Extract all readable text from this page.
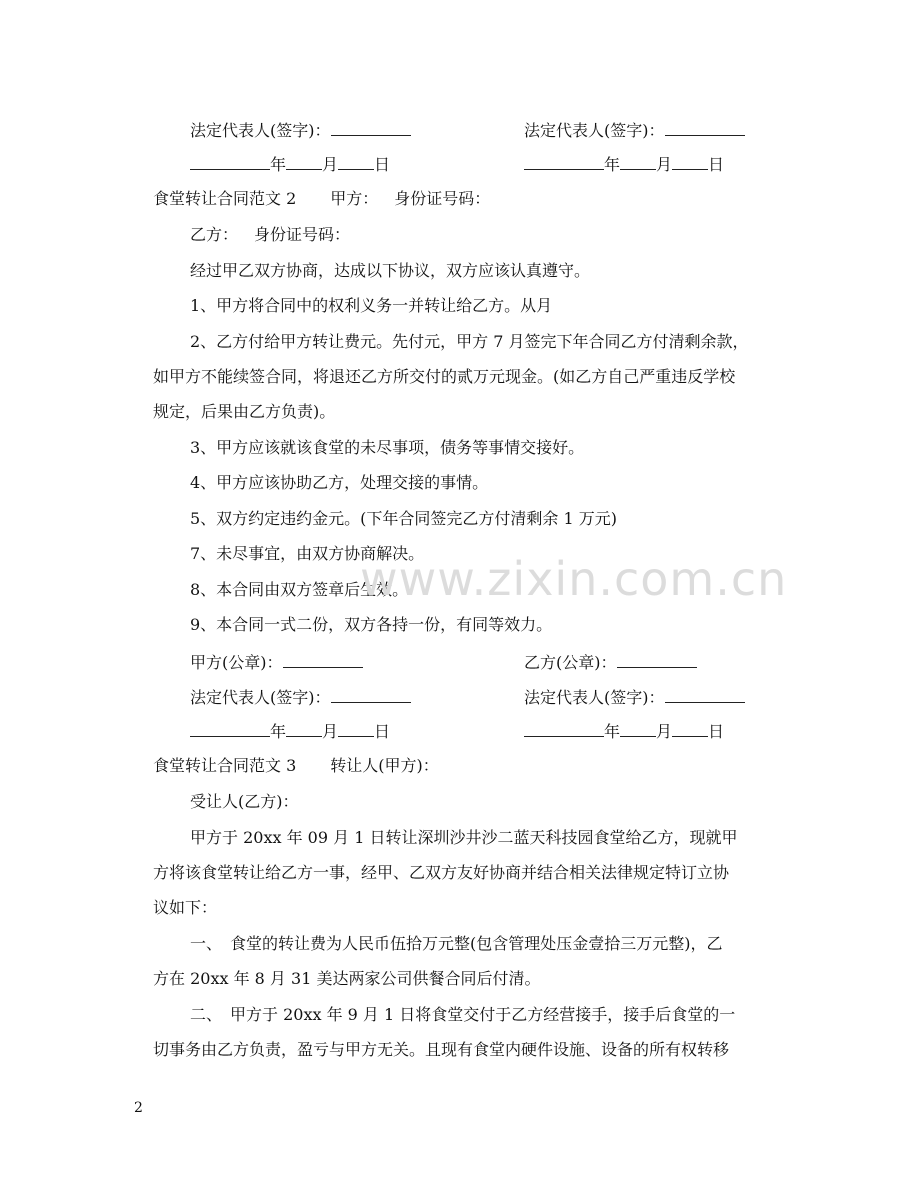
法定代表人(签字)：	法定代表人(签字)：
年 月 日	年 月 日
食堂转让合同范文 2 甲方： 身份证号码：
乙方： 身份证号码：
经过甲乙双方协商，达成以下协议，双方应该认真遵守。
1、甲方将合同中的权利义务一并转让给乙方。从月
2、乙方付给甲方转让费元。先付元，甲方 7 月签完下年合同乙方付清剩余款，
如甲方不能续签合同，将退还乙方所交付的贰万元现金。(如乙方自己严重违反学校
规定，后果由乙方负责)。
3、甲方应该就该食堂的未尽事项，债务等事情交接好。
4、甲方应该协助乙方，处理交接的事情。
5、双方约定违约金元。(下年合同签完乙方付清剩余 1 万元)
7、未尽事宜，由双方协商解决。
8、本合同由双方签章后生效。
9、本合同一式二份，双方各持一份，有同等效力。
甲方(公章)：	乙方(公章)：
法定代表人(签字)：	法定代表人(签字)：
年 月 日	年 月 日
食堂转让合同范文 3 转让人(甲方)：
受让人(乙方)：
甲方于 20xx 年 09 月 1 日转让深圳沙井沙二蓝天科技园食堂给乙方，现就甲
方将该食堂转让给乙方一事，经甲、乙双方友好协商并结合相关法律规定特订立协
议如下：
一、　食堂的转让费为人民币伍拾万元整(包含管理处压金壹拾三万元整)，乙
方在 20xx 年 8 月 31 美达两家公司供餐合同后付清。
二、　甲方于 20xx 年 9 月 1 日将食堂交付于乙方经营接手，接手后食堂的一
切事务由乙方负责，盈亏与甲方无关。且现有食堂内硬件设施、设备的所有权转移
www.zixin.com.cn
2
